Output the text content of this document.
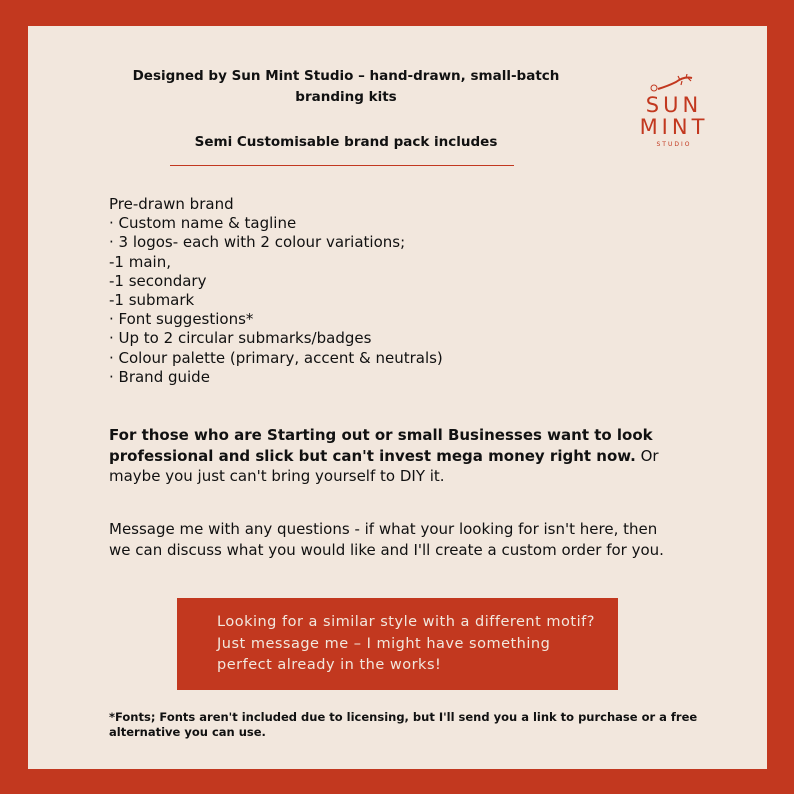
Designed by Sun Mint Studio – hand-drawn, small-batch
branding kits
Semi Customisable brand pack includes
SUN
MINT
STUDIO
Pre-drawn brand
· Custom name & tagline
· 3 logos- each with 2 colour variations;
-1 main,
-1 secondary
-1 submark
· Font suggestions*
· Up to 2 circular submarks/badges
· Colour palette (primary, accent & neutrals)
· Brand guide
For those who are Starting out or small Businesses want to look professional and slick but can't invest mega money right now. Or maybe you just can't bring yourself to DIY it.
Message me with any questions - if what your looking for isn't here, then we can discuss what you would like and I'll create a custom order for you.
Looking for a similar style with a different motif? Just message me – I might have something perfect already in the works!
*Fonts; Fonts aren't included due to licensing, but I'll send you a link to purchase or a free alternative you can use.
